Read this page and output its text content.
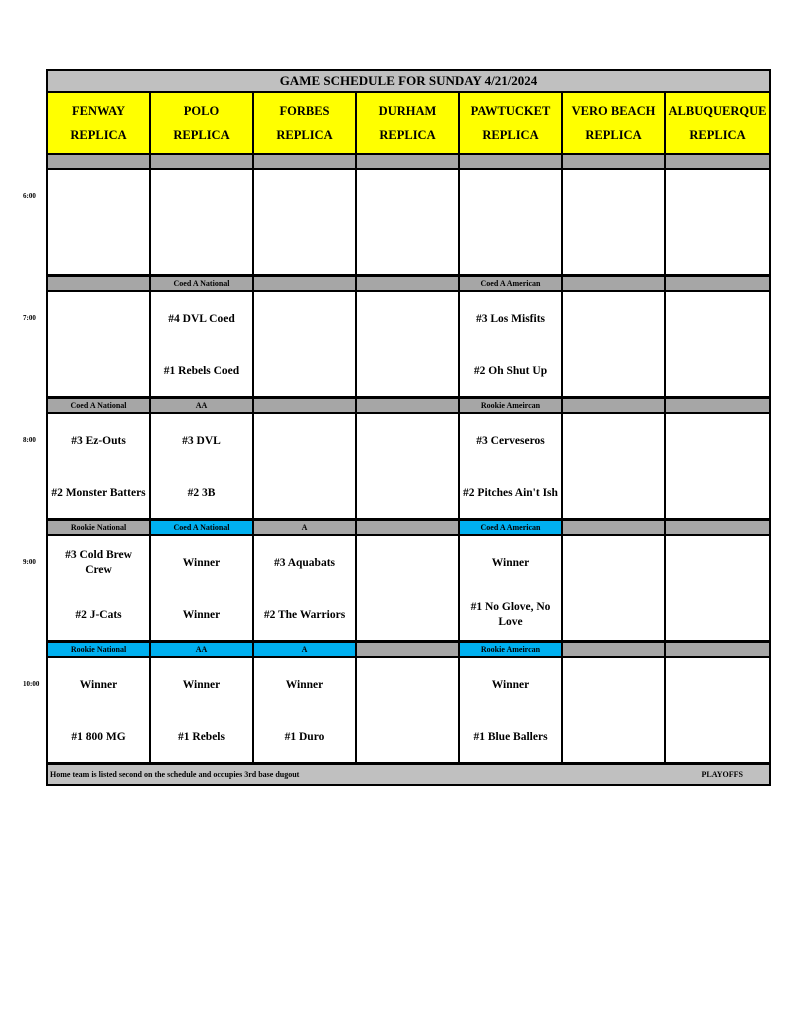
GAME SCHEDULE FOR SUNDAY 4/21/2024
FENWAY
REPLICA
POLO
REPLICA
FORBES
REPLICA
DURHAM
REPLICA
PAWTUCKET
REPLICA
VERO BEACH
REPLICA
ALBUQUERQUE
REPLICA
Coed A National
#4 DVL Coed
#1 Rebels Coed
Coed A American
#3 Los Misfits
#2 Oh Shut Up
Coed A National
#3 Ez-Outs
#2 Monster Batters
AA
#3 DVL
#2 3B
Rookie Ameircan
#3 Cerveseros
#2 Pitches Ain't Ish
Rookie National
#3 Cold Brew Crew
#2 J-Cats
Coed A National
Winner
Winner
A
#3 Aquabats
#2 The Warriors
Coed A American
Winner
#1 No Glove, No Love
Rookie National
Winner
#1 800 MG
AA
Winner
#1 Rebels
A
Winner
#1 Duro
Rookie Ameircan
Winner
#1 Blue Ballers
Home team is listed second on the schedule and occupies 3rd base dugout	PLAYOFFS
6:00
7:00
8:00
9:00
10:00
